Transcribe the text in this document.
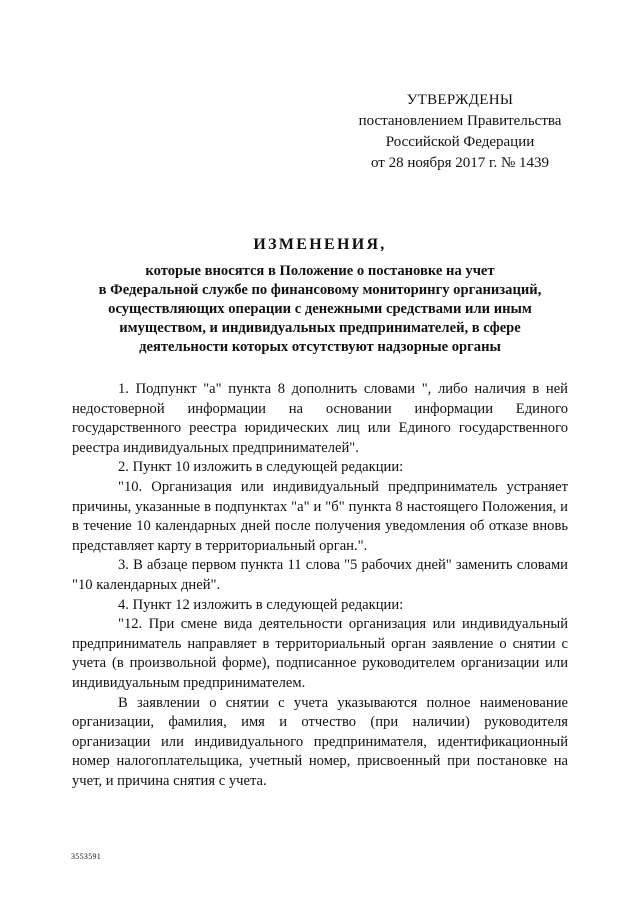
УТВЕРЖДЕНЫ
постановлением Правительства
Российской Федерации
от 28 ноября 2017 г. № 1439
ИЗМЕНЕНИЯ,
которые вносятся в Положение о постановке на учет
в Федеральной службе по финансовому мониторингу организаций,
осуществляющих операции с денежными средствами или иным
имуществом, и индивидуальных предпринимателей, в сфере
деятельности которых отсутствуют надзорные органы

1. Подпункт "а" пункта 8 дополнить словами ", либо наличия в ней недостоверной информации на основании информации Единого государственного реестра юридических лиц или Единого государственного реестра индивидуальных предпринимателей".

2. Пункт 10 изложить в следующей редакции:

"10. Организация или индивидуальный предприниматель устраняет причины, указанные в подпунктах "а" и "б" пункта 8 настоящего Положения, и в течение 10 календарных дней после получения уведомления об отказе вновь представляет карту в территориальный орган.".

3. В абзаце первом пункта 11 слова "5 рабочих дней" заменить словами "10 календарных дней".

4. Пункт 12 изложить в следующей редакции:

"12. При смене вида деятельности организация или индивидуальный предприниматель направляет в территориальный орган заявление о снятии с учета (в произвольной форме), подписанное руководителем организации или индивидуальным предпринимателем.

В заявлении о снятии с учета указываются полное наименование организации, фамилия, имя и отчество (при наличии) руководителя организации или индивидуального предпринимателя, идентификационный номер налогоплательщика, учетный номер, присвоенный при постановке на учет, и причина снятия с учета.

3553591
